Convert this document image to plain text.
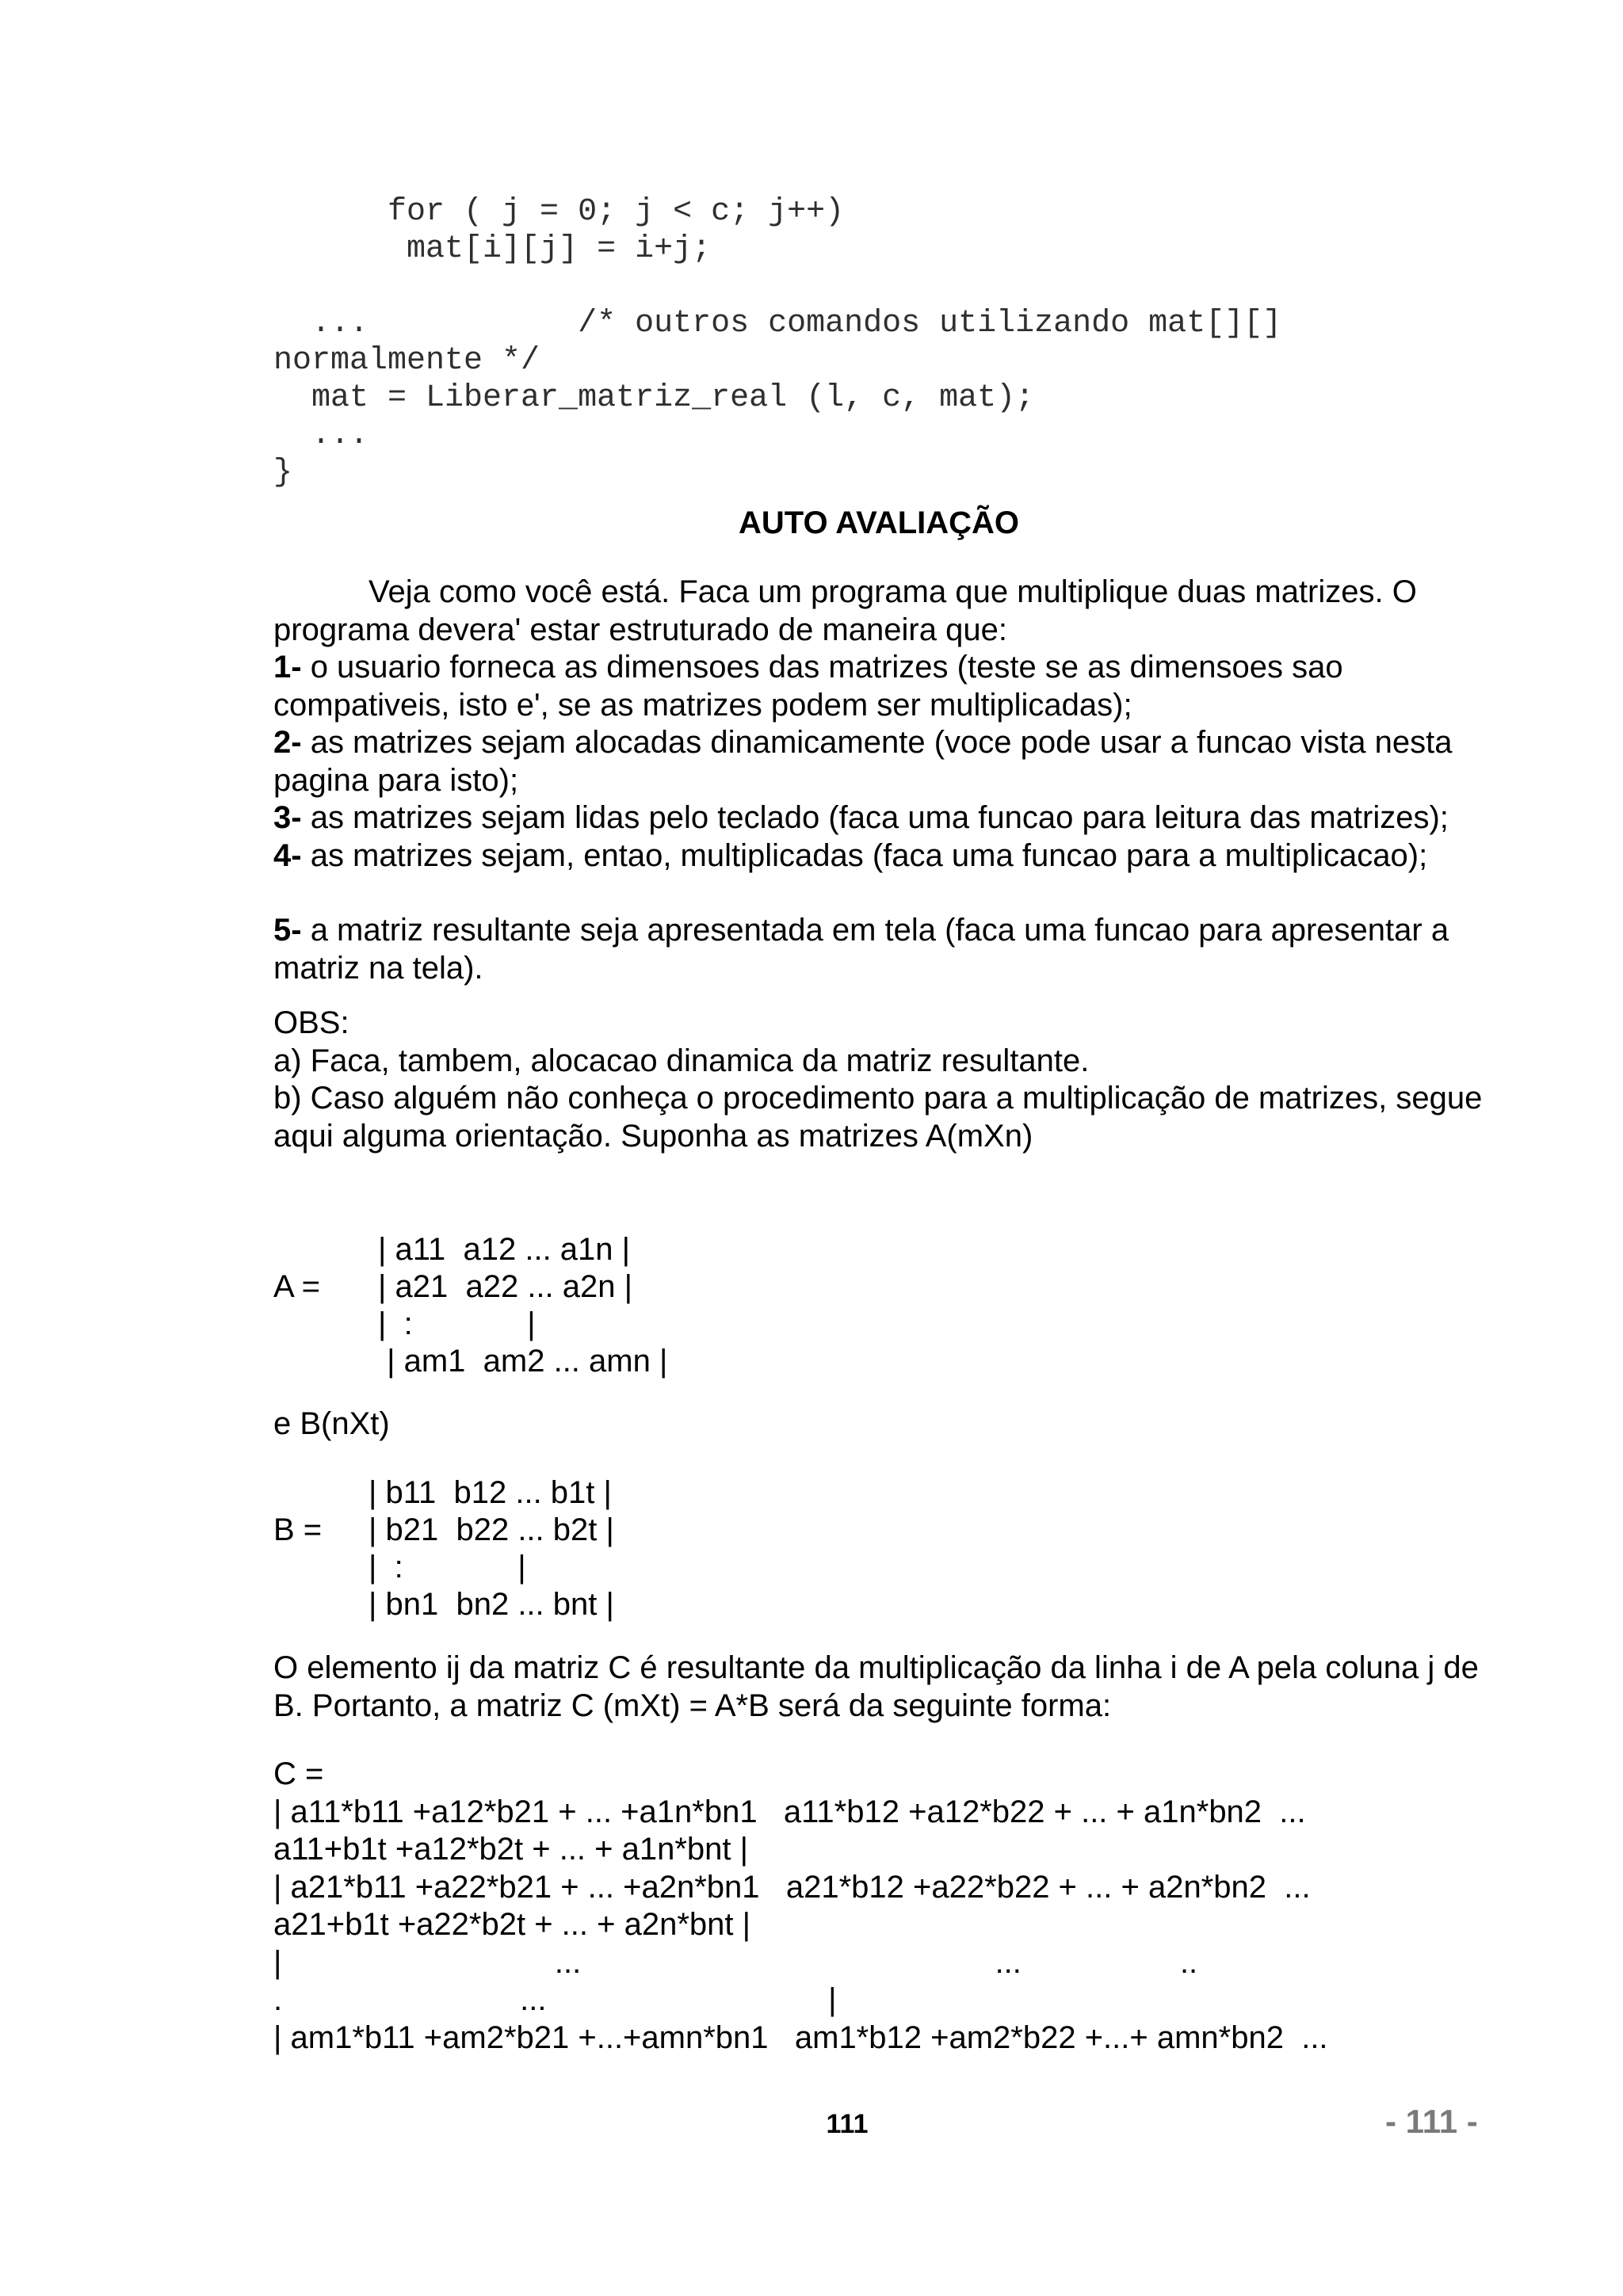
for ( j = 0; j < c; j++)
mat[i][j] = i+j;

...           /* outros comandos utilizando mat[][]
normalmente */
mat = Liberar_matriz_real (l, c, mat);
...
}
AUTO AVALIAÇÃO

Veja como você está. Faca um programa que multiplique duas matrizes. O programa devera' estar estruturado de maneira que:

1- o usuario forneca as dimensoes das matrizes (teste se as dimensoes sao compativeis, isto e', se as matrizes podem ser multiplicadas);

2- as matrizes sejam alocadas dinamicamente (voce pode usar a funcao vista nesta pagina para isto);

3- as matrizes sejam lidas pelo teclado (faca uma funcao para leitura das matrizes);

4- as matrizes sejam, entao, multiplicadas (faca uma funcao para a multiplicacao);

5- a matriz resultante seja apresentada em tela (faca uma funcao para apresentar a matriz na tela).

OBS:

a) Faca, tambem, alocacao dinamica da matriz resultante.

b) Caso alguém não conheça o procedimento para a multiplicação de matrizes, segue aqui alguma orientação. Suponha as matrizes A(mXn)

A =

| a11  a12 ... a1n |

| a21  a22 ... a2n |

|  :             |

| am1  am2 ... amn |

e B(nXt)

B =

| b11  b12 ... b1t |

| b21  b22 ... b2t |

|  :             |

| bn1  bn2 ... bnt |

O elemento ij da matriz C é resultante da multiplicação da linha i de A pela coluna j de B. Portanto, a matriz C (mXt) = A*B será da seguinte forma:

C =
| a11*b11 +a12*b21 + ... +a1n*bn1   a11*b12 +a12*b22 + ... + a1n*bn2  ...
a11+b1t +a12*b2t + ... + a1n*bnt |
| a21*b11 +a22*b21 + ... +a2n*bn1   a21*b12 +a22*b22 + ... + a2n*bn2  ...
a21+b1t +a22*b2t + ... + a2n*bnt |
|                               ...                                               ...                  ..
.                           ...                                |
| am1*b11 +am2*b21 +...+amn*bn1   am1*b12 +am2*b22 +...+ amn*bn2  ...
111	- 111 -
